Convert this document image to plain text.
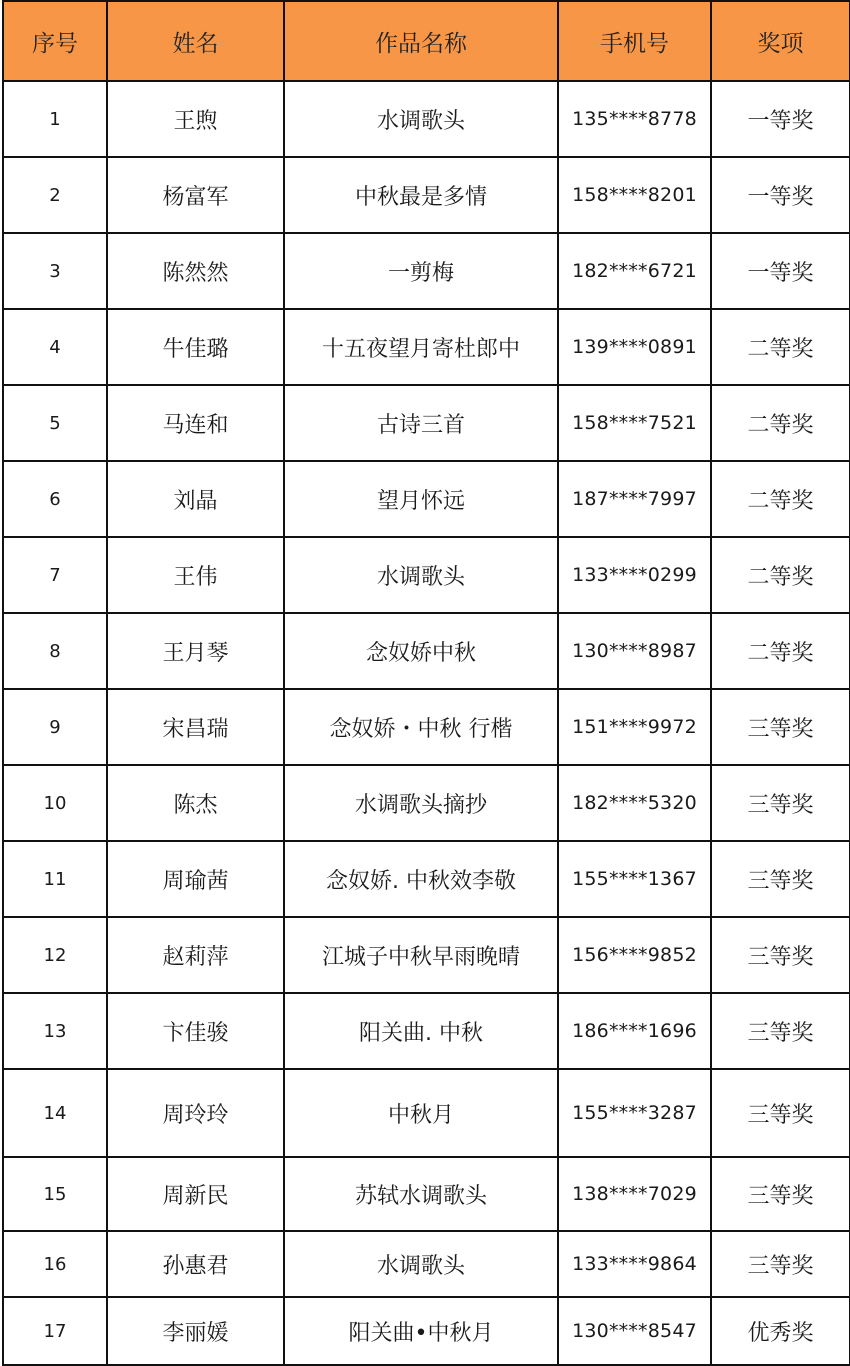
序号	姓名	作品名称	手机号	奖项
1	王煦	水调歌头	135****8778	一等奖
2	杨富军	中秋最是多情	158****8201	一等奖
3	陈然然	一剪梅	182****6721	一等奖
4	牛佳璐	十五夜望月寄杜郎中	139****0891	二等奖
5	马连和	古诗三首	158****7521	二等奖
6	刘晶	望月怀远	187****7997	二等奖
7	王伟	水调歌头	133****0299	二等奖
8	王月琴	念奴娇中秋	130****8987	二等奖
9	宋昌瑞	念奴娇・中秋 行楷	151****9972	三等奖
10	陈杰	水调歌头摘抄	182****5320	三等奖
11	周瑜茜	念奴娇. 中秋效李敬	155****1367	三等奖
12	赵莉萍	江城子中秋早雨晚晴	156****9852	三等奖
13	卞佳骏	阳关曲. 中秋	186****1696	三等奖
14	周玲玲	中秋月	155****3287	三等奖
15	周新民	苏轼水调歌头	138****7029	三等奖
16	孙惠君	水调歌头	133****9864	三等奖
17	李丽媛	阳关曲•中秋月	130****8547	优秀奖
